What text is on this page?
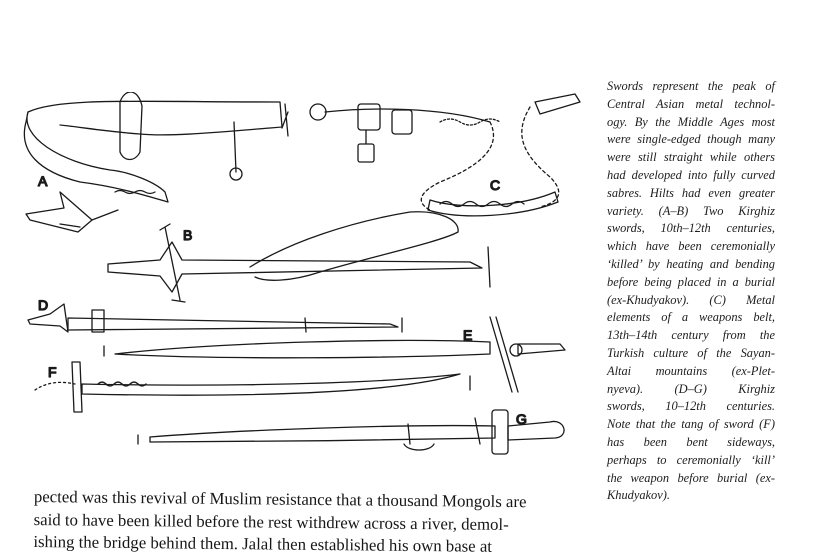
A
B
C
D
E
F
G
Swords represent the peak of
Central Asian metal technol-
ogy. By the Middle Ages most
were single-edged though many
were still straight while others
had developed into fully curved
sabres. Hilts had even greater
variety. (A–B) Two Kirghiz
swords, 10th–12th centuries,
which have been ceremonially
‘killed’ by heating and bending
before being placed in a burial
(ex-Khudyakov). (C) Metal
elements of a weapons belt,
13th–14th century from the
Turkish culture of the Sayan-
Altai mountains (ex-Plet-
nyeva). (D–G) Kirghiz
swords, 10–12th centuries.
Note that the tang of sword (F)
has been bent sideways,
perhaps to ceremonially ‘kill’
the weapon before burial (ex-
Khudyakov).
pected was this revival of Muslim resistance that a thousand Mongols are
said to have been killed before the rest withdrew across a river, demol-
ishing the bridge behind them. Jalal then established his own base at
